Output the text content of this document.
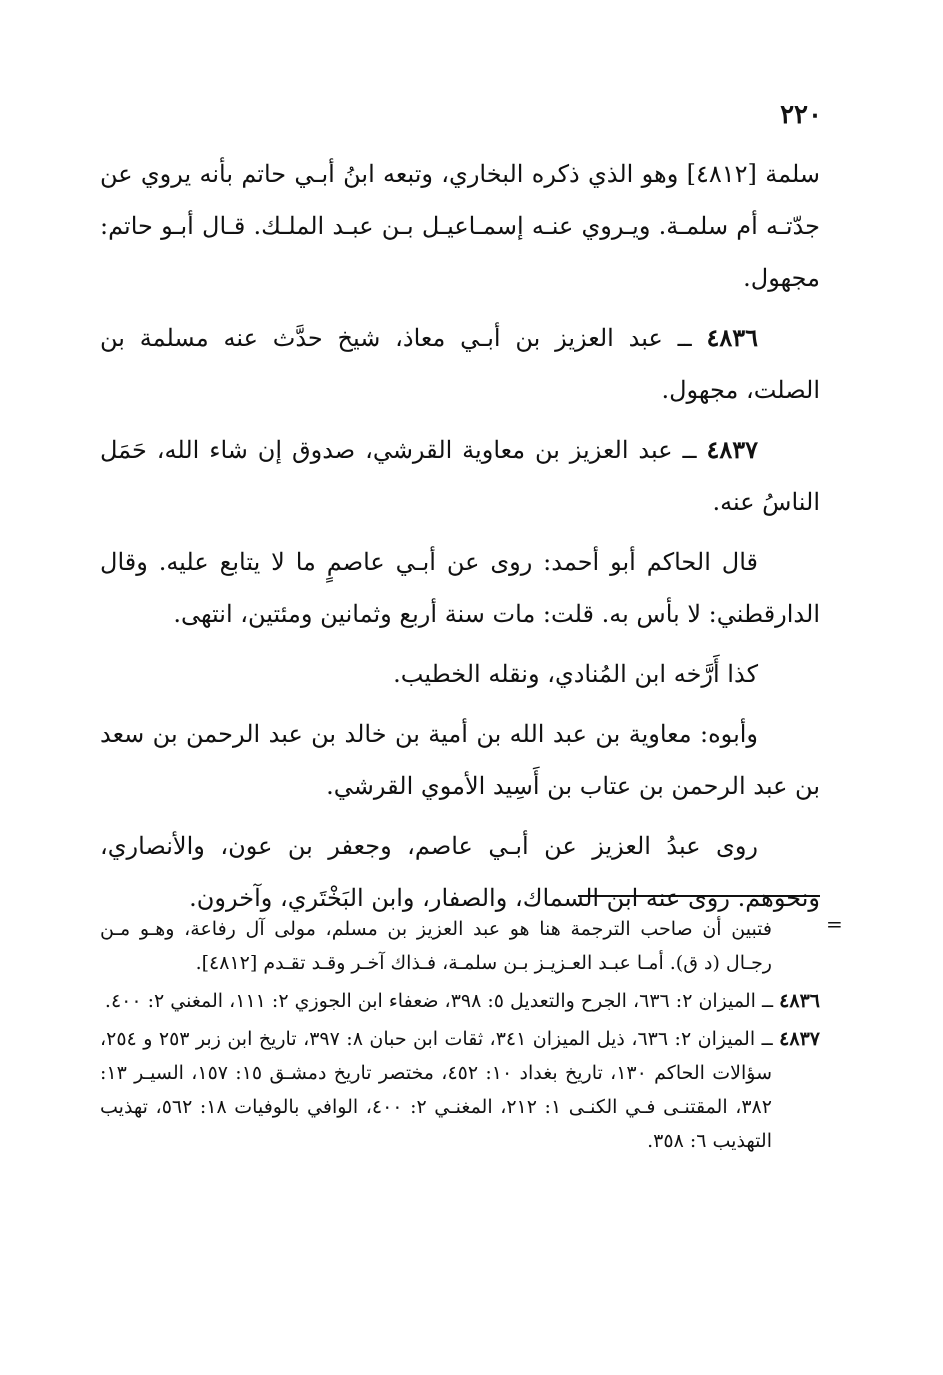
٢٢٠

سلمة [٤٨١٢] وهو الذي ذكره البخاري، وتبعه ابنُ أبـي حاتم بأنه يروي عن جدّتـه أم سلمـة. ويـروي عنـه إسمـاعيـل بـن عبـد الملـك. قـال أبـو حاتم: مجهول.

٤٨٣٦ ــ عبد العزيز بن أبـي معاذ، شيخ حدَّث عنه مسلمة بن الصلت، مجهول.

٤٨٣٧ ــ عبد العزيز بن معاوية القرشي، صدوق إن شاء الله، حَمَل الناسُ عنه.

قال الحاكم أبو أحمد: روى عن أبـي عاصمٍ ما لا يتابع عليه. وقال الدارقطني: لا بأس به. قلت: مات سنة أربع وثمانين ومئتين، انتهى.

كذا أَرَّخه ابن المُنادي، ونقله الخطيب.

وأبوه: معاوية بن عبد الله بن أمية بن خالد بن عبد الرحمن بن سعد بن عبد الرحمن بن عتاب بن أَسِيد الأموي القرشي.

روى عبدُ العزيز عن أبـي عاصم، وجعفر بن عون، والأنصاري، ونحوهم. روى عنه ابن السماك، والصفار، وابن البَخْتَري، وآخرون.

=

فتبين أن صاحب الترجمة هنا هو عبد العزيز بن مسلم، مولى آل رفاعة، وهـو مـن رجـال (د ق). أمـا عبـد العـزيـز بـن سلمـة، فـذاك آخـر وقـد تقـدم [٤٨١٢].

٤٨٣٦ ــ الميزان ٢: ٦٣٦، الجرح والتعديل ٥: ٣٩٨، ضعفاء ابن الجوزي ٢: ١١١، المغني ٢: ٤٠٠.

٤٨٣٧ ــ الميزان ٢: ٦٣٦، ذيل الميزان ٣٤١، ثقات ابن حبان ٨: ٣٩٧، تاريخ ابن زبر ٢٥٣ و ٢٥٤، سؤالات الحاكم ١٣٠، تاريخ بغداد ١٠: ٤٥٢، مختصر تاريخ دمشـق ١٥: ١٥٧، السيـر ١٣: ٣٨٢، المقتنـى فـي الكنـى ١: ٢١٢، المغنـي ٢: ٤٠٠، الوافي بالوفيات ١٨: ٥٦٢، تهذيب التهذيب ٦: ٣٥٨.
